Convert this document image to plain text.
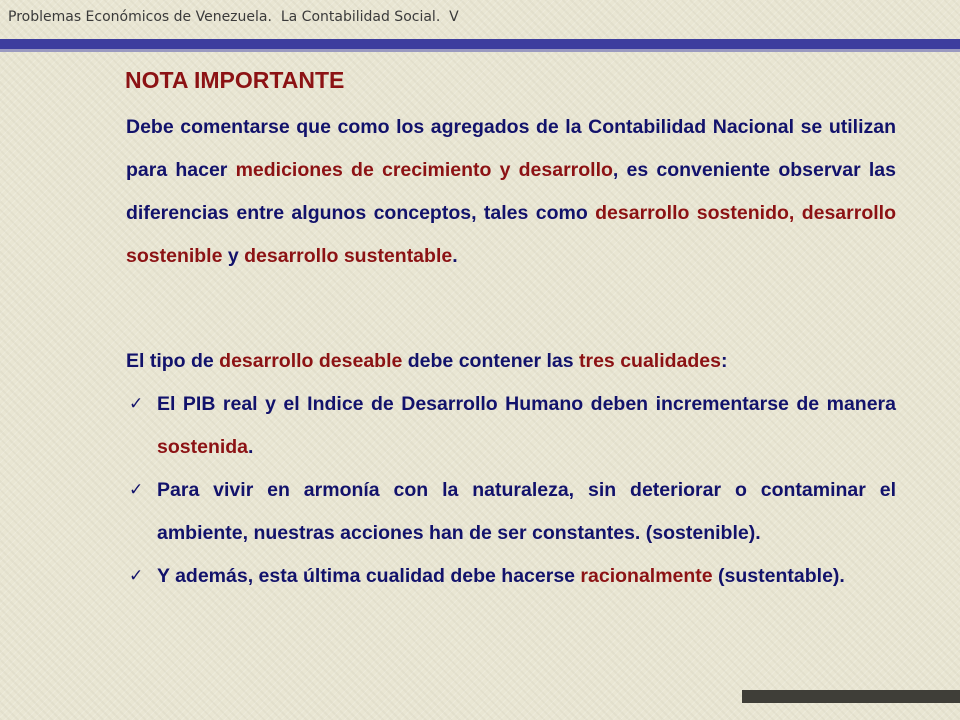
Problemas Económicos de Venezuela.  La Contabilidad Social.  V
NOTA IMPORTANTE

Debe comentarse que como los agregados de la Contabilidad Nacional se utilizan para hacer mediciones de crecimiento y desarrollo, es conveniente observar las diferencias entre algunos conceptos, tales como desarrollo sostenido, desarrollo sostenible y desarrollo sustentable.

El tipo de desarrollo deseable debe contener las tres cualidades:

✓ El PIB real y el Indice de Desarrollo Humano deben incrementarse de manera sostenida.
✓ Para vivir en armonía con la naturaleza, sin deteriorar o contaminar el ambiente, nuestras acciones han de ser constantes. (sostenible).
✓ Y además, esta última cualidad debe hacerse racionalmente (sustentable).
